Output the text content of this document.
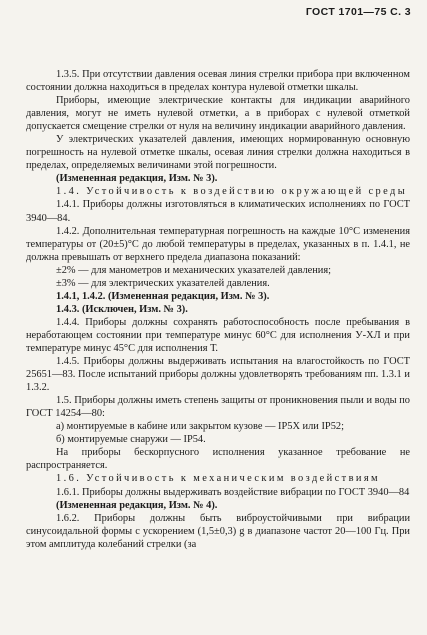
ГОСТ 1701—75 С. 3

1.3.5. При отсутствии давления осевая линия стрелки прибора при включенном состоянии должна находиться в пределах контура нулевой отметки шкалы.

Приборы, имеющие электрические контакты для индикации аварийного давления, могут не иметь нулевой отметки, а в приборах с нулевой отметкой допускается смещение стрелки от нуля на величину индикации аварийного давления.

У электрических указателей давления, имеющих нормированную основную погрешность на нулевой отметке шкалы, осевая линия стрелки должна находиться в пределах, определяемых величинами этой погрешности.

(Измененная редакция, Изм. № 3).

1.4. Устойчивость к воздействию окружающей среды

1.4.1. Приборы должны изготовляться в климатических исполнениях по ГОСТ 3940—84.

1.4.2. Дополнительная температурная погрешность на каждые 10°С изменения температуры от (20±5)°С до любой температуры в пределах, указанных в п. 1.4.1, не должна превышать от верхнего предела диапазона показаний:

±2% — для манометров и механических указателей давления;

±3% — для электрических указателей давления.

1.4.1, 1.4.2. (Измененная редакция, Изм. № 3).

1.4.3. (Исключен, Изм. № 3).

1.4.4. Приборы должны сохранять работоспособность после пребывания в нерaботающем состоянии при температуре минус 60°С для исполнения У-ХЛ и при температуре минус 45°С для исполнения Т.

1.4.5. Приборы должны выдерживать испытания на влагостойкость по ГОСТ 25651—83. После испытаний приборы должны удовлетворять требованиям пп. 1.3.1 и 1.3.2.

1.5. Приборы должны иметь степень защиты от проникновения пыли и воды по ГОСТ 14254—80:

а) монтируемые в кабине или закрытом кузове — IP5X или IP52;

б) монтируемые снаружи — IP54.

На приборы бескорпусного исполнения указанное требование не распространяется.

1.6. Устойчивость к механическим воздействиям

1.6.1. Приборы должны выдерживать воздействие вибрации по ГОСТ 3940—84

(Измененная редакция, Изм. № 4).

1.6.2. Приборы должны быть виброустойчивыми при вибрации синусоидальной формы с ускорением (1,5±0,3) g в диапазоне частот 20—100 Гц. При этом амплитуда колебаний стрелки (за
